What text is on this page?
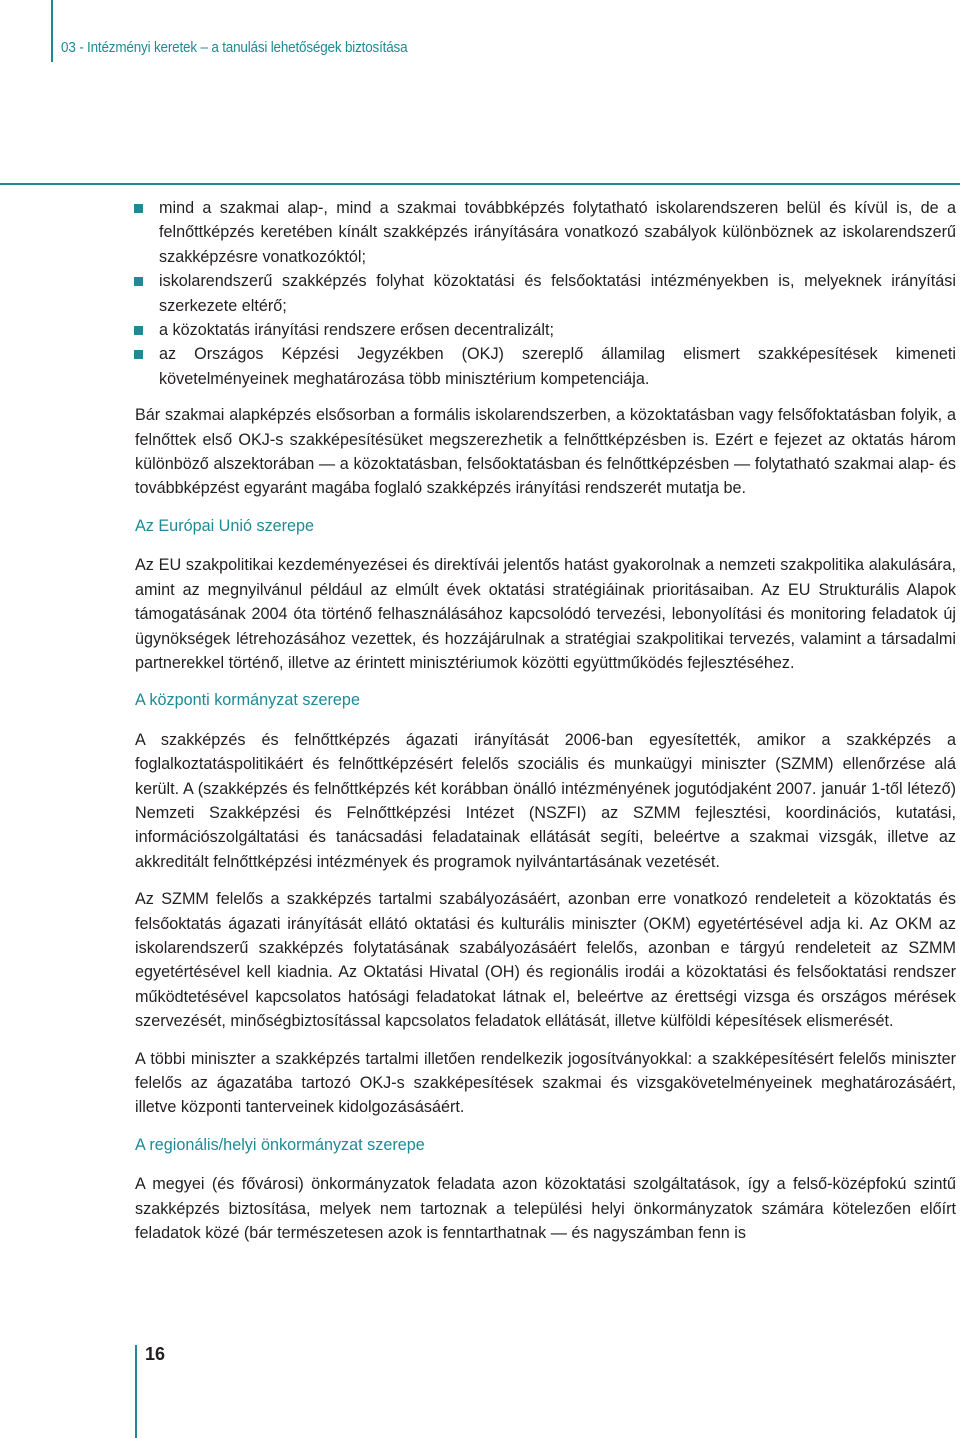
03 - Intézményi keretek – a tanulási lehetőségek biztosítása
mind a szakmai alap-, mind a szakmai továbbképzés folytatható iskolarendszeren belül és kívül is, de a felnőttképzés keretében kínált szakképzés irányítására vonatkozó szabályok különböznek az iskolarendszerű szakképzésre vonatkozóktól;
iskolarendszerű szakképzés folyhat közoktatási és felsőoktatási intézményekben is, melyeknek irányítási szerkezete eltérő;
a közoktatás irányítási rendszere erősen decentralizált;
az Országos Képzési Jegyzékben (OKJ) szereplő államilag elismert szakképesítések kimeneti követelményeinek meghatározása több minisztérium kompetenciája.

Bár szakmai alapképzés elsősorban a formális iskolarendszerben, a közoktatásban vagy felsőfoktatásban folyik, a felnőttek első OKJ-s szakképesítésüket megszerezhetik a felnőttképzésben is. Ezért e fejezet az oktatás három különböző alszektorában — a közoktatásban, felsőoktatásban és felnőttképzésben — folytatható szakmai alap- és továbbképzést egyaránt magába foglaló szakképzés irányítási rendszerét mutatja be.

Az Európai Unió szerepe

Az EU szakpolitikai kezdeményezései és direktívái jelentős hatást gyakorolnak a nemzeti szakpolitika alakulására, amint az megnyilvánul például az elmúlt évek oktatási stratégiáinak prioritásaiban. Az EU Strukturális Alapok támogatásának 2004 óta történő felhasználásához kapcsolódó tervezési, lebonyolítási és monitoring feladatok új ügynökségek létrehozásához vezettek, és hozzájárulnak a stratégiai szakpolitikai tervezés, valamint a társadalmi partnerekkel történő, illetve az érintett minisztériumok közötti együttműködés fejlesztéséhez.

A központi kormányzat szerepe

A szakképzés és felnőttképzés ágazati irányítását 2006-ban egyesítették, amikor a szakképzés a foglalkoztatáspolitikáért és felnőttképzésért felelős szociális és munkaügyi miniszter (SZMM) ellenőrzése alá került. A (szakképzés és felnőttképzés két korábban önálló intézményének jogutódjaként 2007. január 1-től létező) Nemzeti Szakképzési és Felnőttképzési Intézet (NSZFI) az SZMM fejlesztési, koordinációs, kutatási, információszolgáltatási és tanácsadási feladatainak ellátását segíti, beleértve a szakmai vizsgák, illetve az akkreditált felnőttképzési intézmények és programok nyilvántartásának vezetését.

Az SZMM felelős a szakképzés tartalmi szabályozásáért, azonban erre vonatkozó rendeleteit a közoktatás és felsőoktatás ágazati irányítását ellátó oktatási és kulturális miniszter (OKM) egyetértésével adja ki. Az OKM az iskolarendszerű szakképzés folytatásának szabályozásáért felelős, azonban e tárgyú rendeleteit az SZMM egyetértésével kell kiadnia. Az Oktatási Hivatal (OH) és regionális irodái a közoktatási és felsőoktatási rendszer működtetésével kapcsolatos hatósági feladatokat látnak el, beleértve az érettségi vizsga és országos mérések szervezését, minőségbiztosítással kapcsolatos feladatok ellátását, illetve külföldi képesítések elismerését.

A többi miniszter a szakképzés tartalmi illetően rendelkezik jogosítványokkal: a szakképesítésért felelős miniszter felelős az ágazatába tartozó OKJ-s szakképesítések szakmai és vizsgakövetelményeinek meghatározásáért, illetve központi tanterveinek kidolgozásásáért.

A regionális/helyi önkormányzat szerepe

A megyei (és fővárosi) önkormányzatok feladata azon közoktatási szolgáltatások, így a felső-középfokú szintű szakképzés biztosítása, melyek nem tartoznak a települési helyi önkormányzatok számára kötelezően előírt feladatok közé (bár természetesen azok is fenntarthatnak — és nagyszámban fenn is

16
